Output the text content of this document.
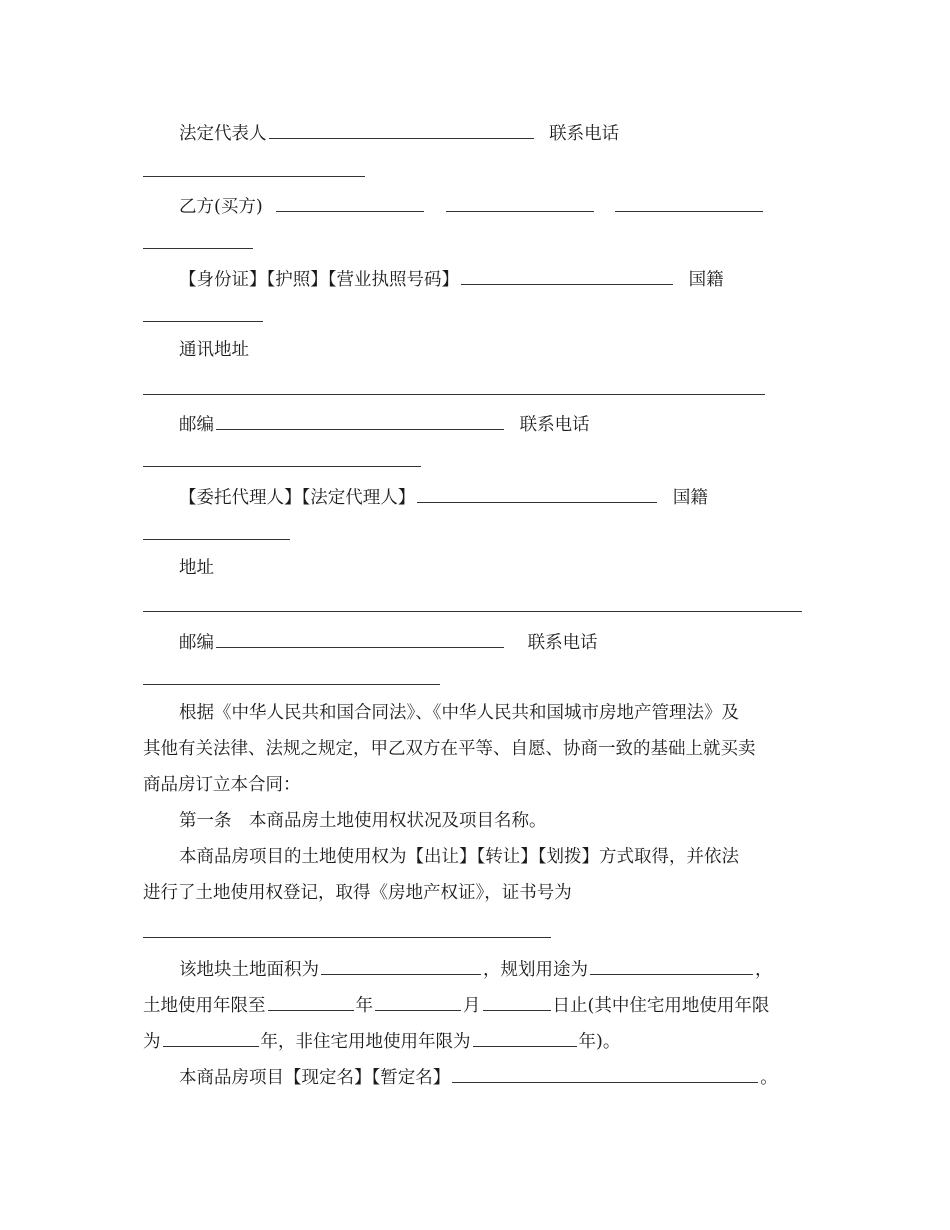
法定代表人	联系电话
乙方(买方)
【身份证】【护照】【营业执照号码】	国籍
通讯地址
邮编	联系电话
【委托代理人】【法定代理人】	国籍
地址
邮编	联系电话
根据《中华人民共和国合同法》、《中华人民共和国城市房地产管理法》及
其他有关法律、法规之规定，甲乙双方在平等、自愿、协商一致的基础上就买卖
商品房订立本合同：
第一条　本商品房土地使用权状况及项目名称。
本商品房项目的土地使用权为【出让】【转让】【划拨】方式取得，并依法
进行了土地使用权登记，取得《房地产权证》，证书号为
该地块土地面积为	，规划用途为	，
土地使用年限至	年	月	日止(其中住宅用地使用年限
为	年，非住宅用地使用年限为	年)。
本商品房项目【现定名】【暂定名】	。
